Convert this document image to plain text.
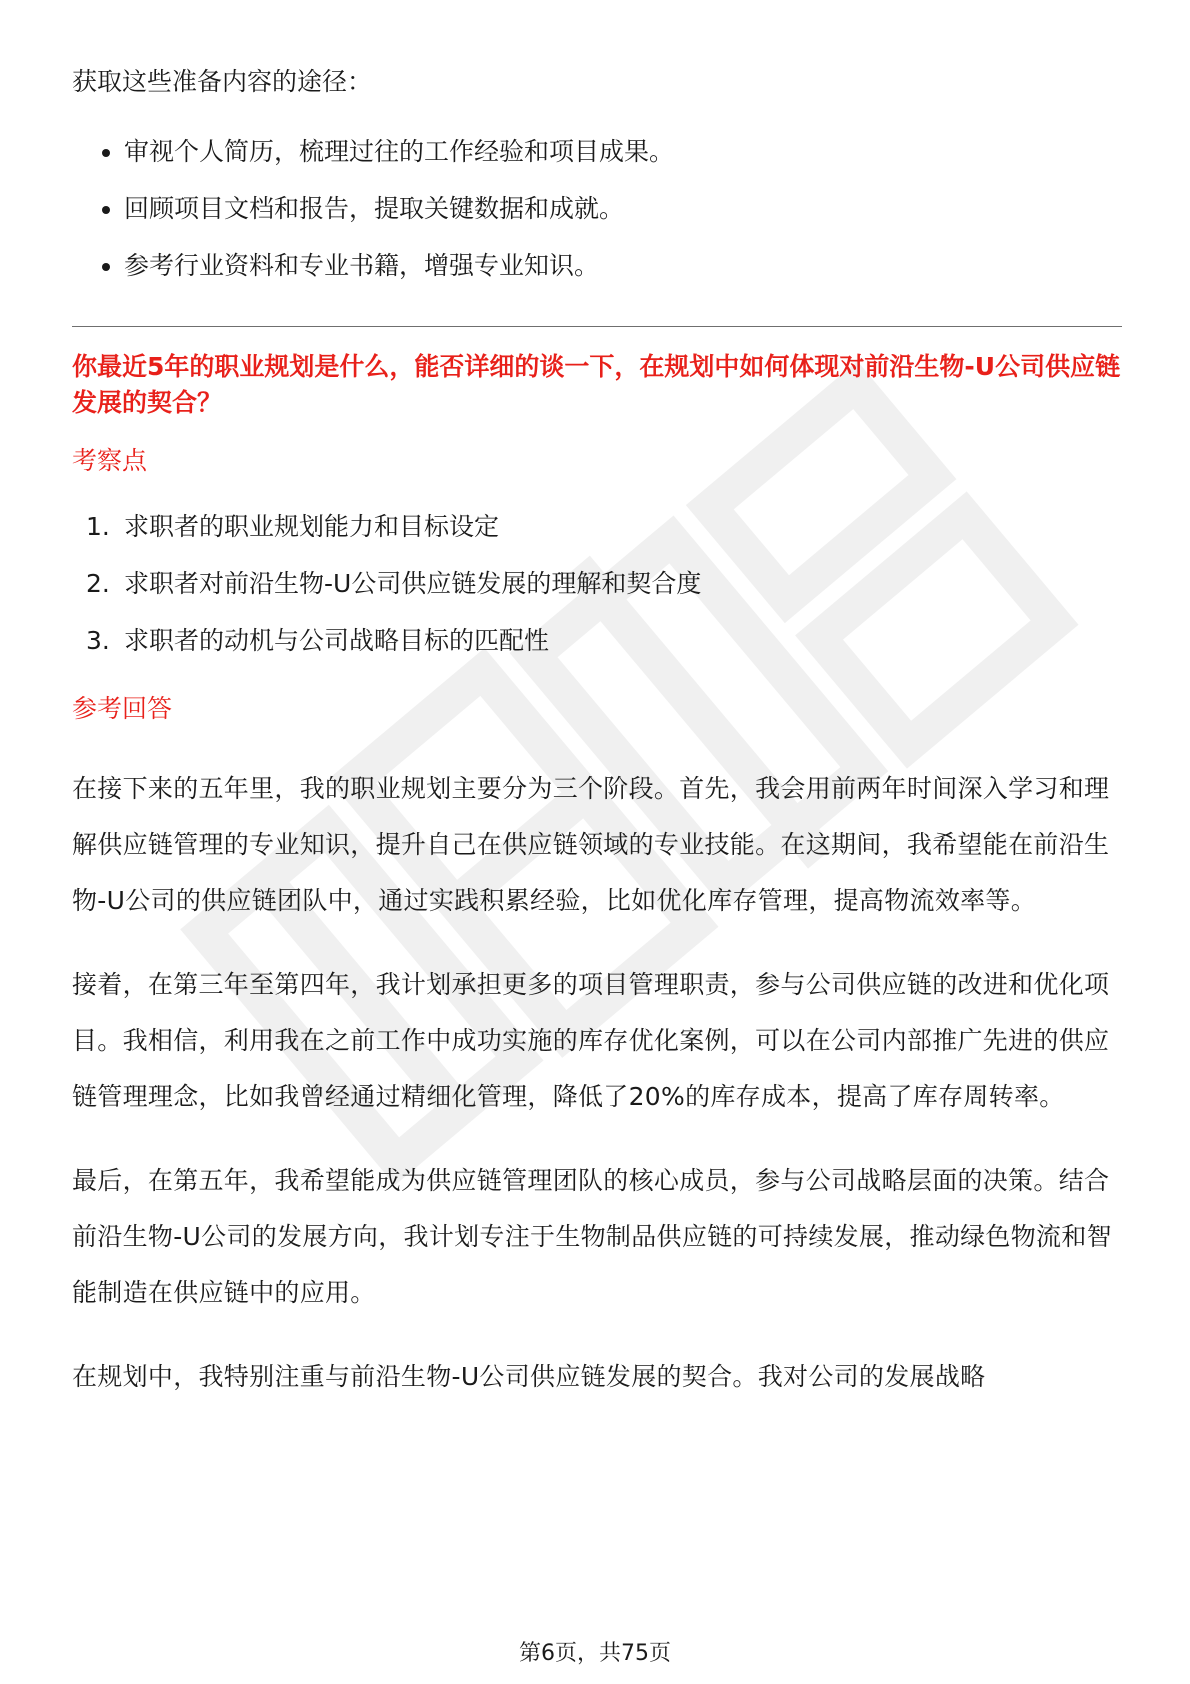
获取这些准备内容的途径：

审视个人简历，梳理过往的工作经验和项目成果。
回顾项目文档和报告，提取关键数据和成就。
参考行业资料和专业书籍，增强专业知识。

你最近5年的职业规划是什么，能否详细的谈一下，在规划中如何体现对前沿生物-U公司供应链发展的契合？

考察点

1. 求职者的职业规划能力和目标设定
2. 求职者对前沿生物-U公司供应链发展的理解和契合度
3. 求职者的动机与公司战略目标的匹配性

参考回答

在接下来的五年里，我的职业规划主要分为三个阶段。首先，我会用前两年时间深入学习和理解供应链管理的专业知识，提升自己在供应链领域的专业技能。在这期间，我希望能在前沿生物-U公司的供应链团队中，通过实践积累经验，比如优化库存管理，提高物流效率等。

接着，在第三年至第四年，我计划承担更多的项目管理职责，参与公司供应链的改进和优化项目。我相信，利用我在之前工作中成功实施的库存优化案例，可以在公司内部推广先进的供应链管理理念，比如我曾经通过精细化管理，降低了20%的库存成本，提高了库存周转率。

最后，在第五年，我希望能成为供应链管理团队的核心成员，参与公司战略层面的决策。结合前沿生物-U公司的发展方向，我计划专注于生物制品供应链的可持续发展，推动绿色物流和智能制造在供应链中的应用。

在规划中，我特别注重与前沿生物-U公司供应链发展的契合。我对公司的发展战略

第6页，共75页
